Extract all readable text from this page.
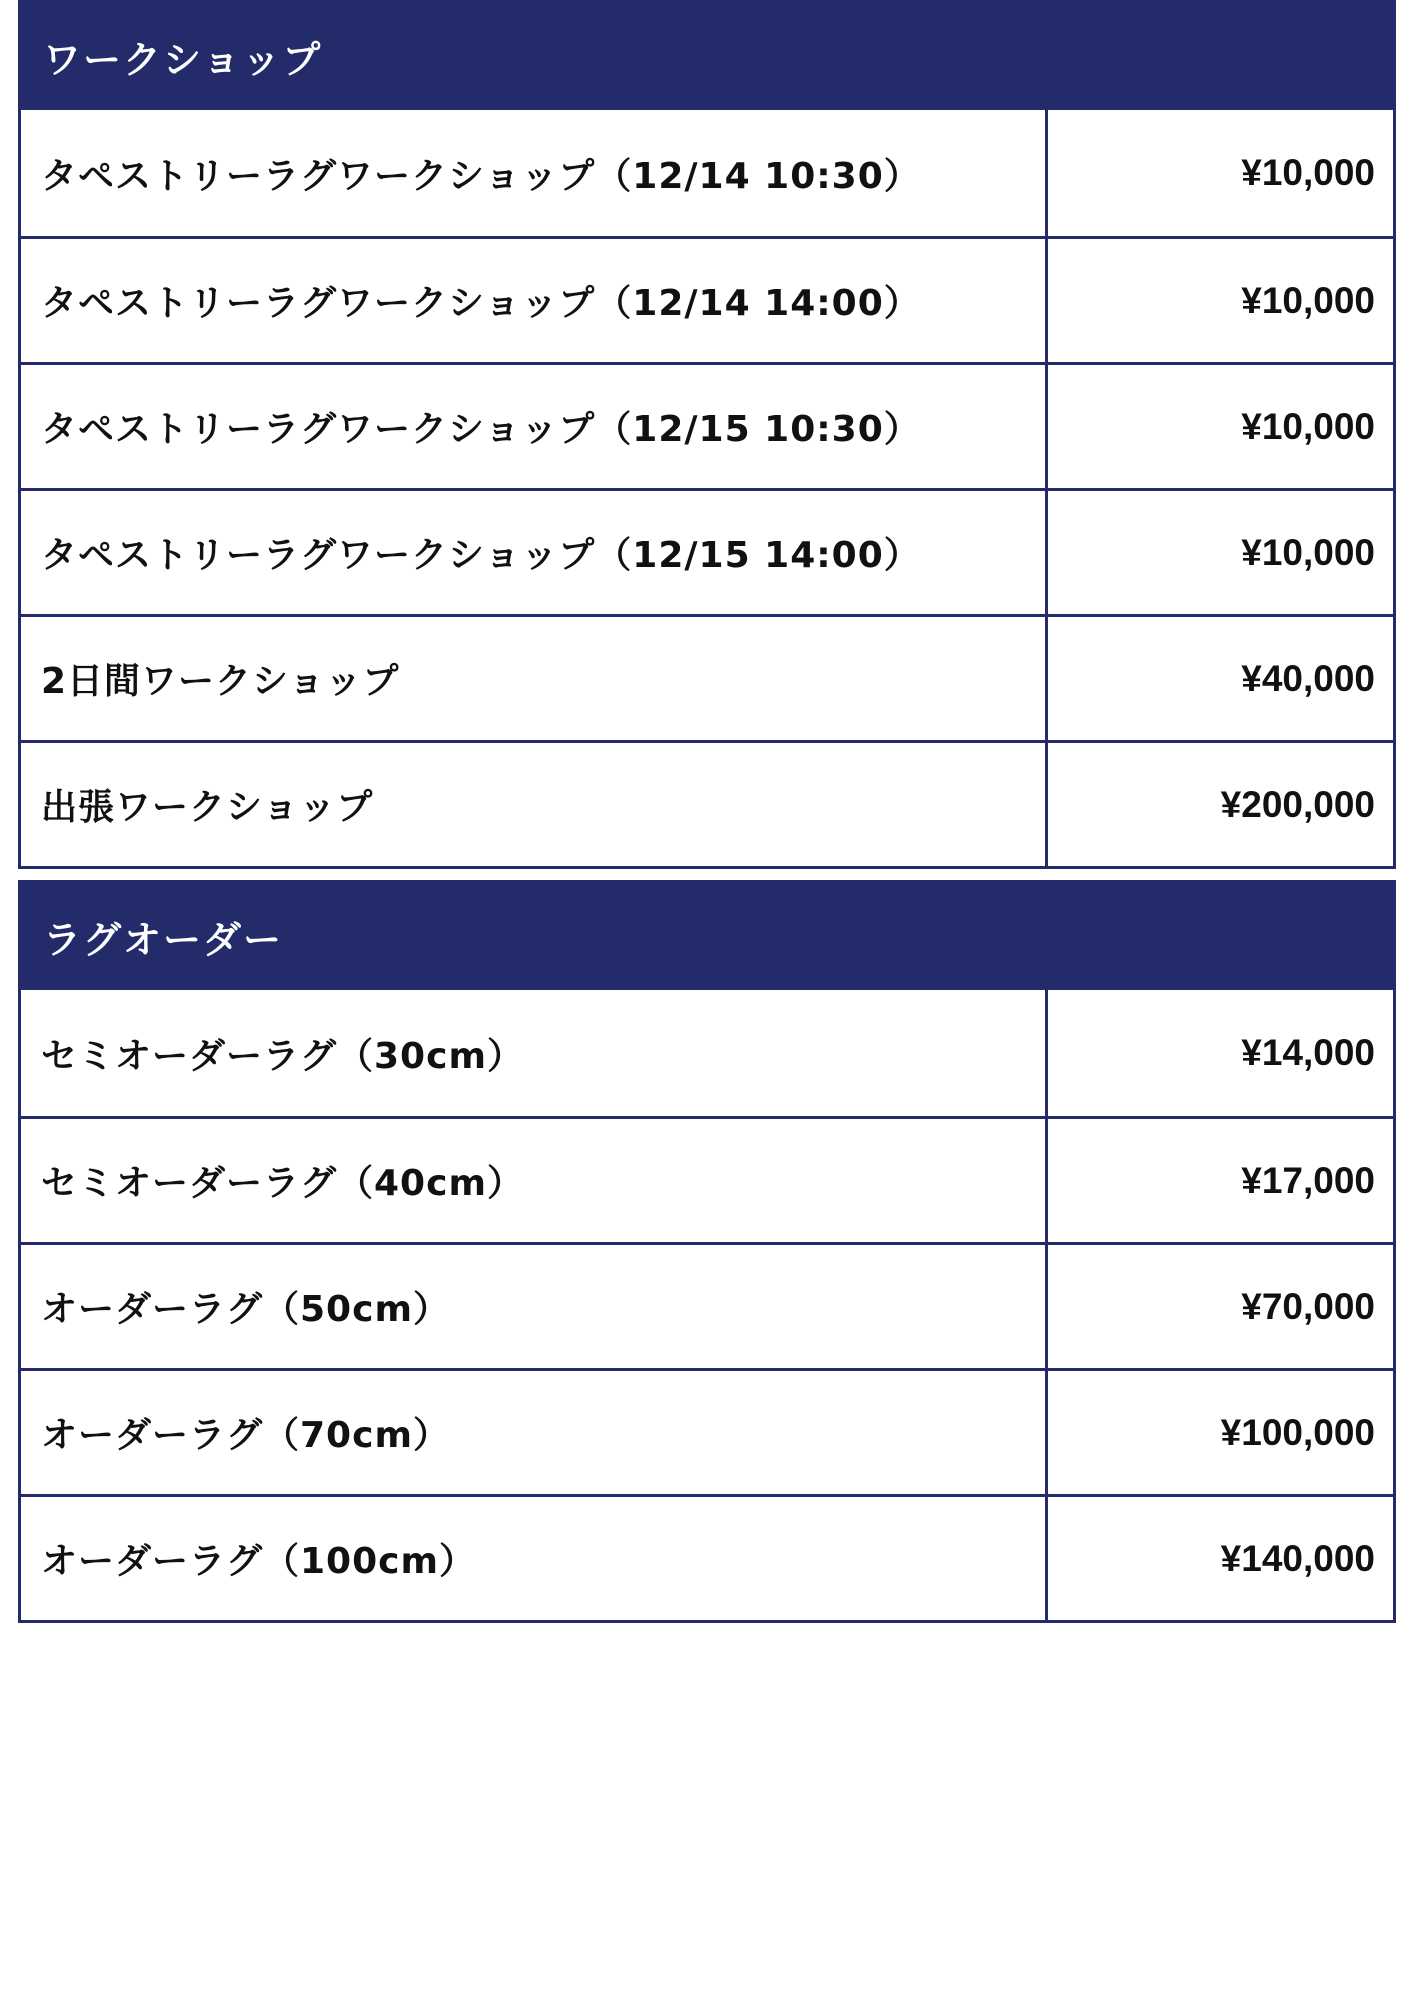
ワークショップ
タペストリーラグワークショップ（12/14 10:30）	¥10,000
タペストリーラグワークショップ（12/14 14:00）	¥10,000
タペストリーラグワークショップ（12/15 10:30）	¥10,000
タペストリーラグワークショップ（12/15 14:00）	¥10,000
2日間ワークショップ	¥40,000
出張ワークショップ	¥200,000
ラグオーダー
セミオーダーラグ（30cm）	¥14,000
セミオーダーラグ（40cm）	¥17,000
オーダーラグ（50cm）	¥70,000
オーダーラグ（70cm）	¥100,000
オーダーラグ（100cm）	¥140,000
